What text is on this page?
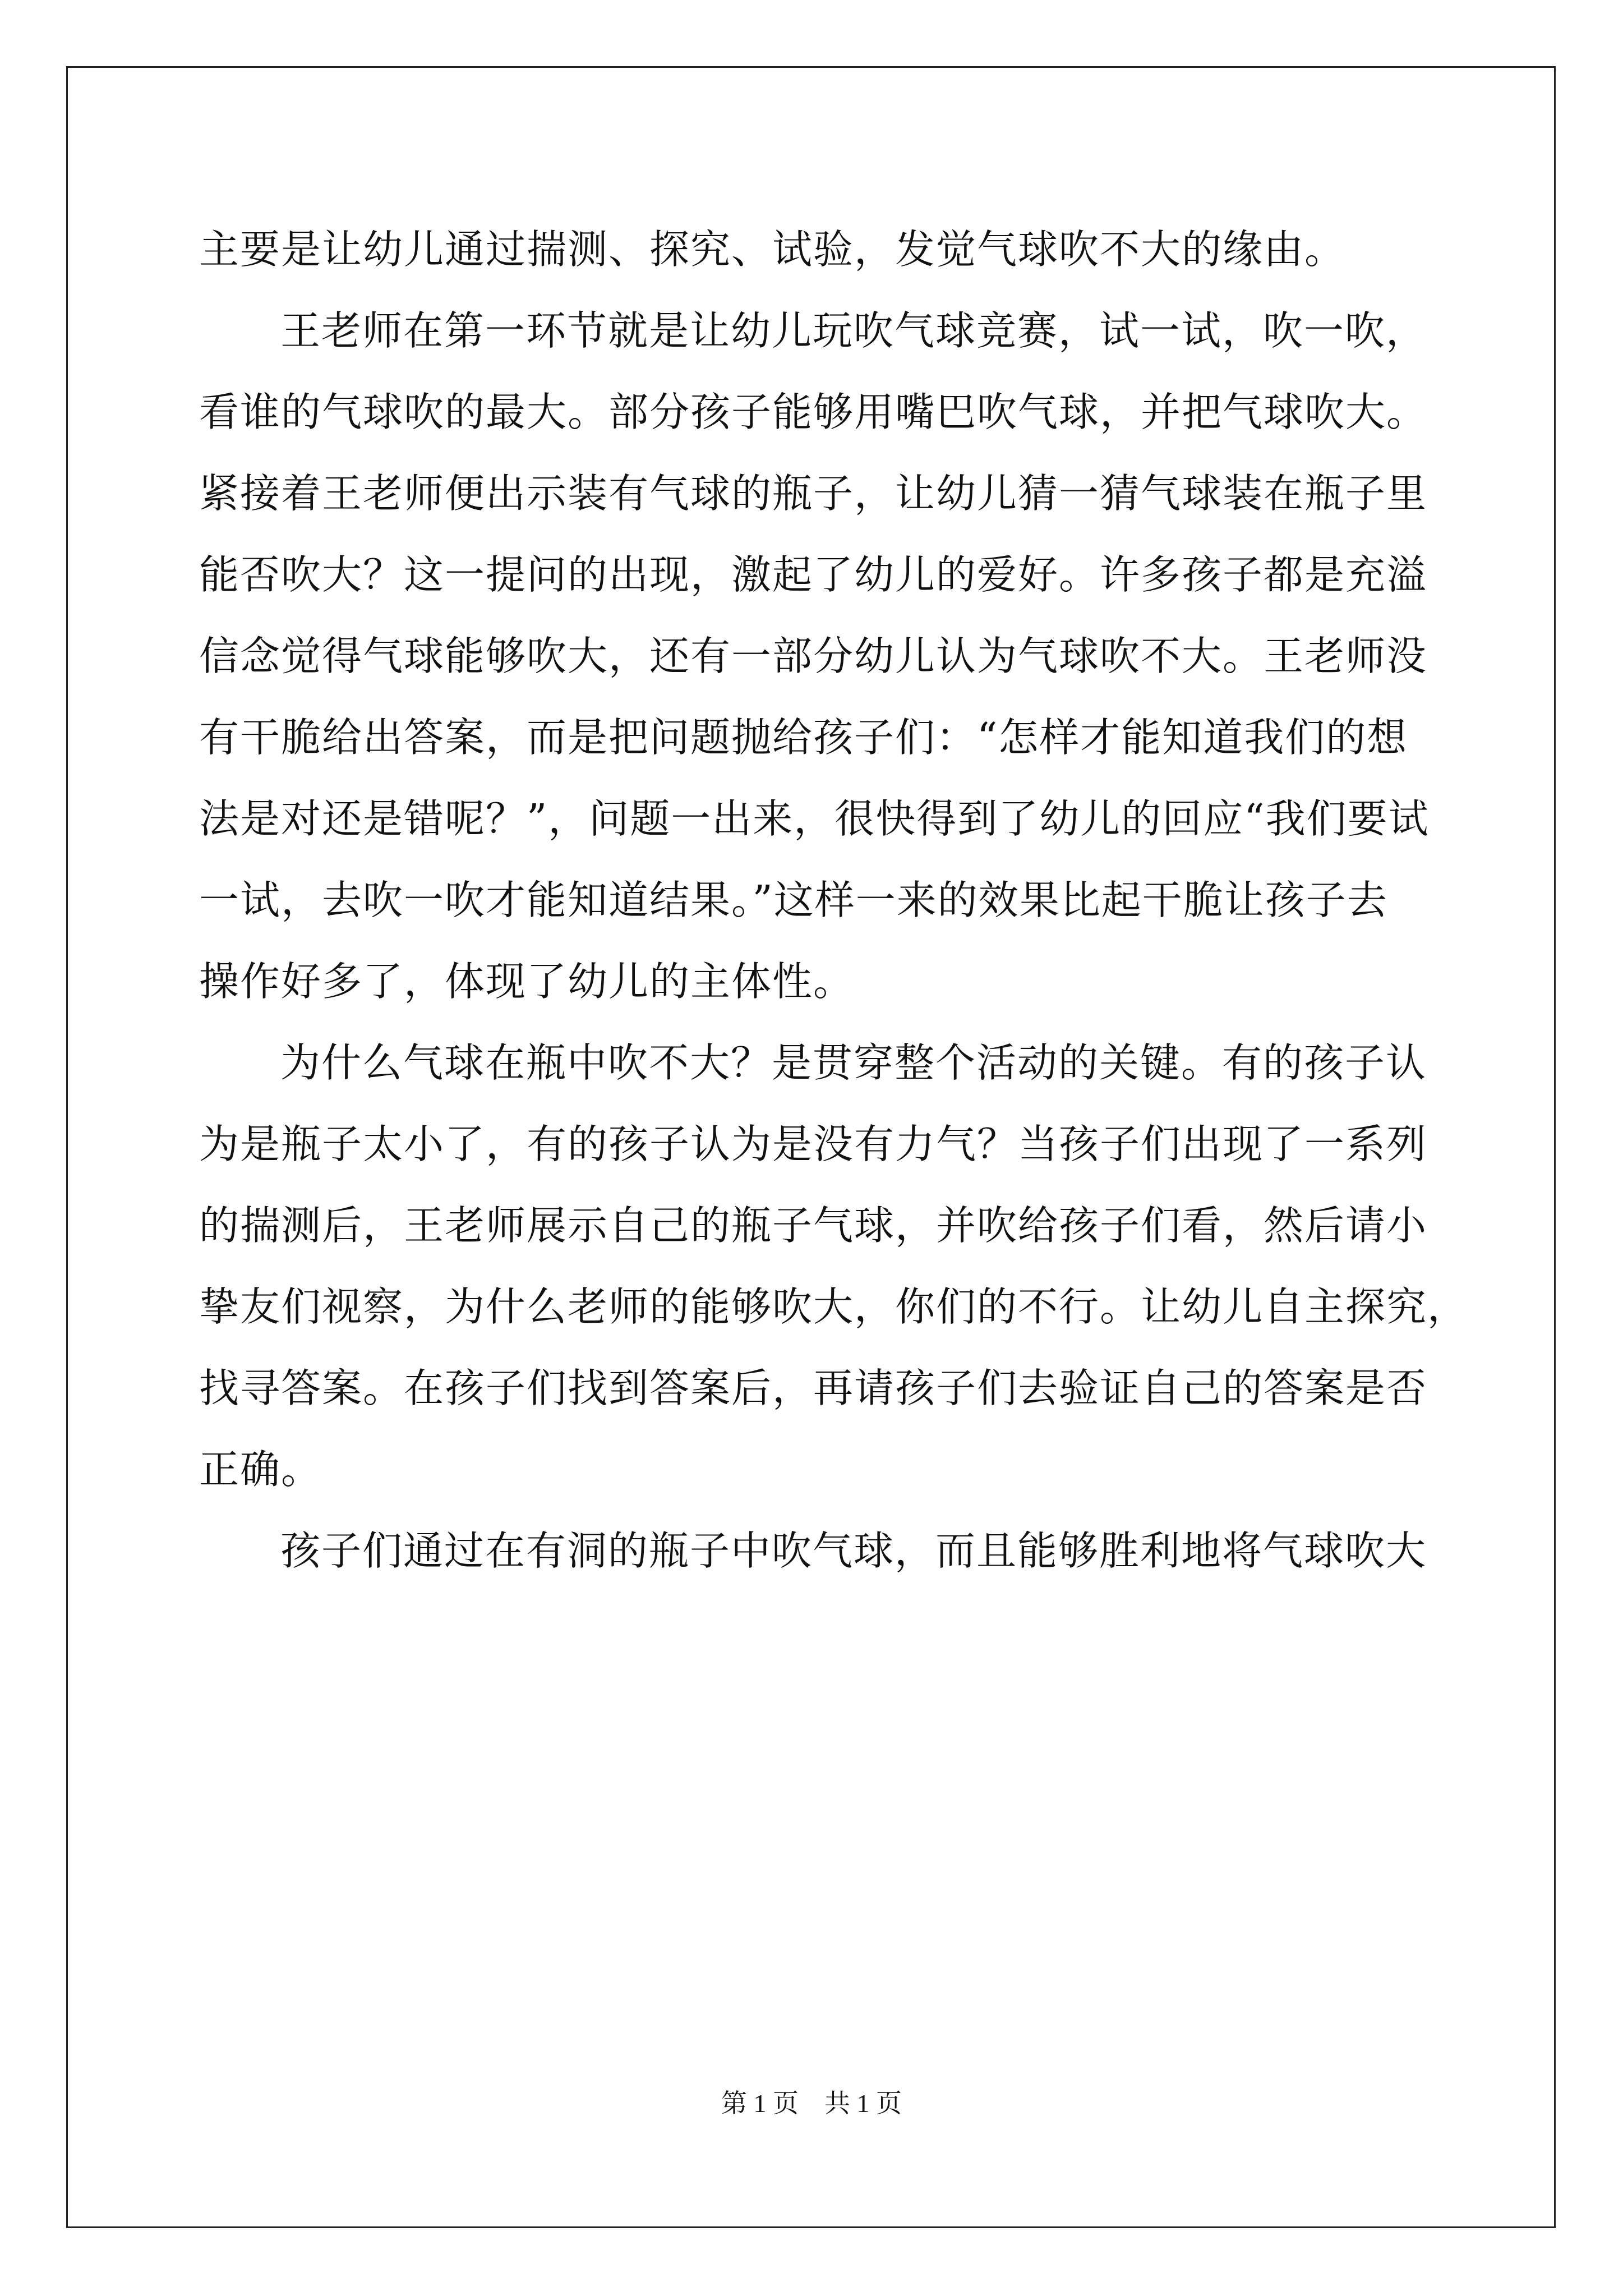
主要是让幼儿通过揣测、探究、试验，发觉气球吹不大的缘由。

王老师在第一环节就是让幼儿玩吹气球竞赛，试一试，吹一吹，

看谁的气球吹的最大。部分孩子能够用嘴巴吹气球，并把气球吹大。

紧接着王老师便出示装有气球的瓶子，让幼儿猜一猜气球装在瓶子里

能否吹大？这一提问的出现，激起了幼儿的爱好。许多孩子都是充溢

信念觉得气球能够吹大，还有一部分幼儿认为气球吹不大。王老师没

有干脆给出答案，而是把问题抛给孩子们：“怎样才能知道我们的想

法是对还是错呢？”，问题一出来，很快得到了幼儿的回应“我们要试

一试，去吹一吹才能知道结果。”这样一来的效果比起干脆让孩子去

操作好多了，体现了幼儿的主体性。

为什么气球在瓶中吹不大？是贯穿整个活动的关键。有的孩子认

为是瓶子太小了，有的孩子认为是没有力气？当孩子们出现了一系列

的揣测后，王老师展示自己的瓶子气球，并吹给孩子们看，然后请小

挚友们视察，为什么老师的能够吹大，你们的不行。让幼儿自主探究，

找寻答案。在孩子们找到答案后，再请孩子们去验证自己的答案是否

正确。

孩子们通过在有洞的瓶子中吹气球，而且能够胜利地将气球吹大

第 1 页　共 1 页
